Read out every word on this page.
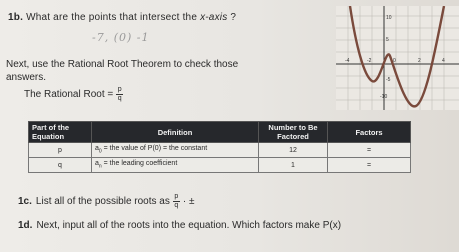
1b. What are the points that intersect the x-axis ?
-7, (0) -1
Next, use the Rational Root Theorem to check those
answers.
The Rational Root = $\frac{p}{q}$
10
5
-5
-10
-4	-2	0	2	4
Part of the Equation	Definition	Number to Be Factored	Factors
p	$a_0$ = the value of P(0) = the constant	12	=
q	$a_n$ = the leading coefficient	1	=
1c. List all of the possible roots as $\frac{p}{q}$ · ±
1d. Next, input all of the roots into the equation. Which factors make P(x)
